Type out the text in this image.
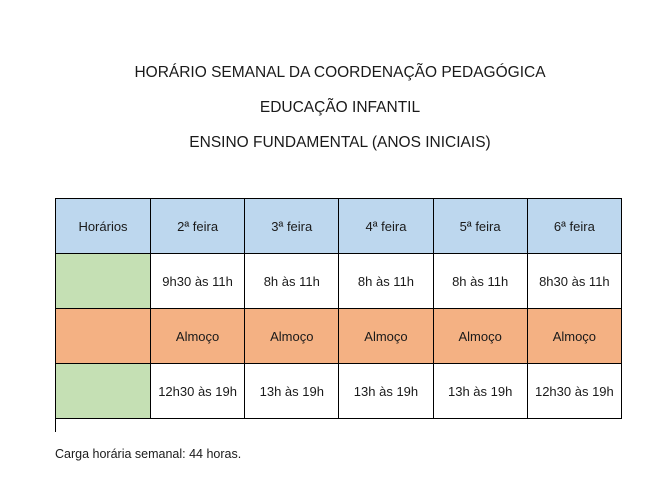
HORÁRIO SEMANAL DA COORDENAÇÃO PEDAGÓGICA
EDUCAÇÃO INFANTIL
ENSINO FUNDAMENTAL (ANOS INICIAIS)
Horários	2ª feira	3ª feira	4ª feira	5ª feira	6ª feira
	9h30 às 11h	8h às 11h	8h às 11h	8h às 11h	8h30 às 11h
	Almoço	Almoço	Almoço	Almoço	Almoço
	12h30 às 19h	13h às 19h	13h às 19h	13h às 19h	12h30 às 19h
Carga horária semanal: 44 horas.
